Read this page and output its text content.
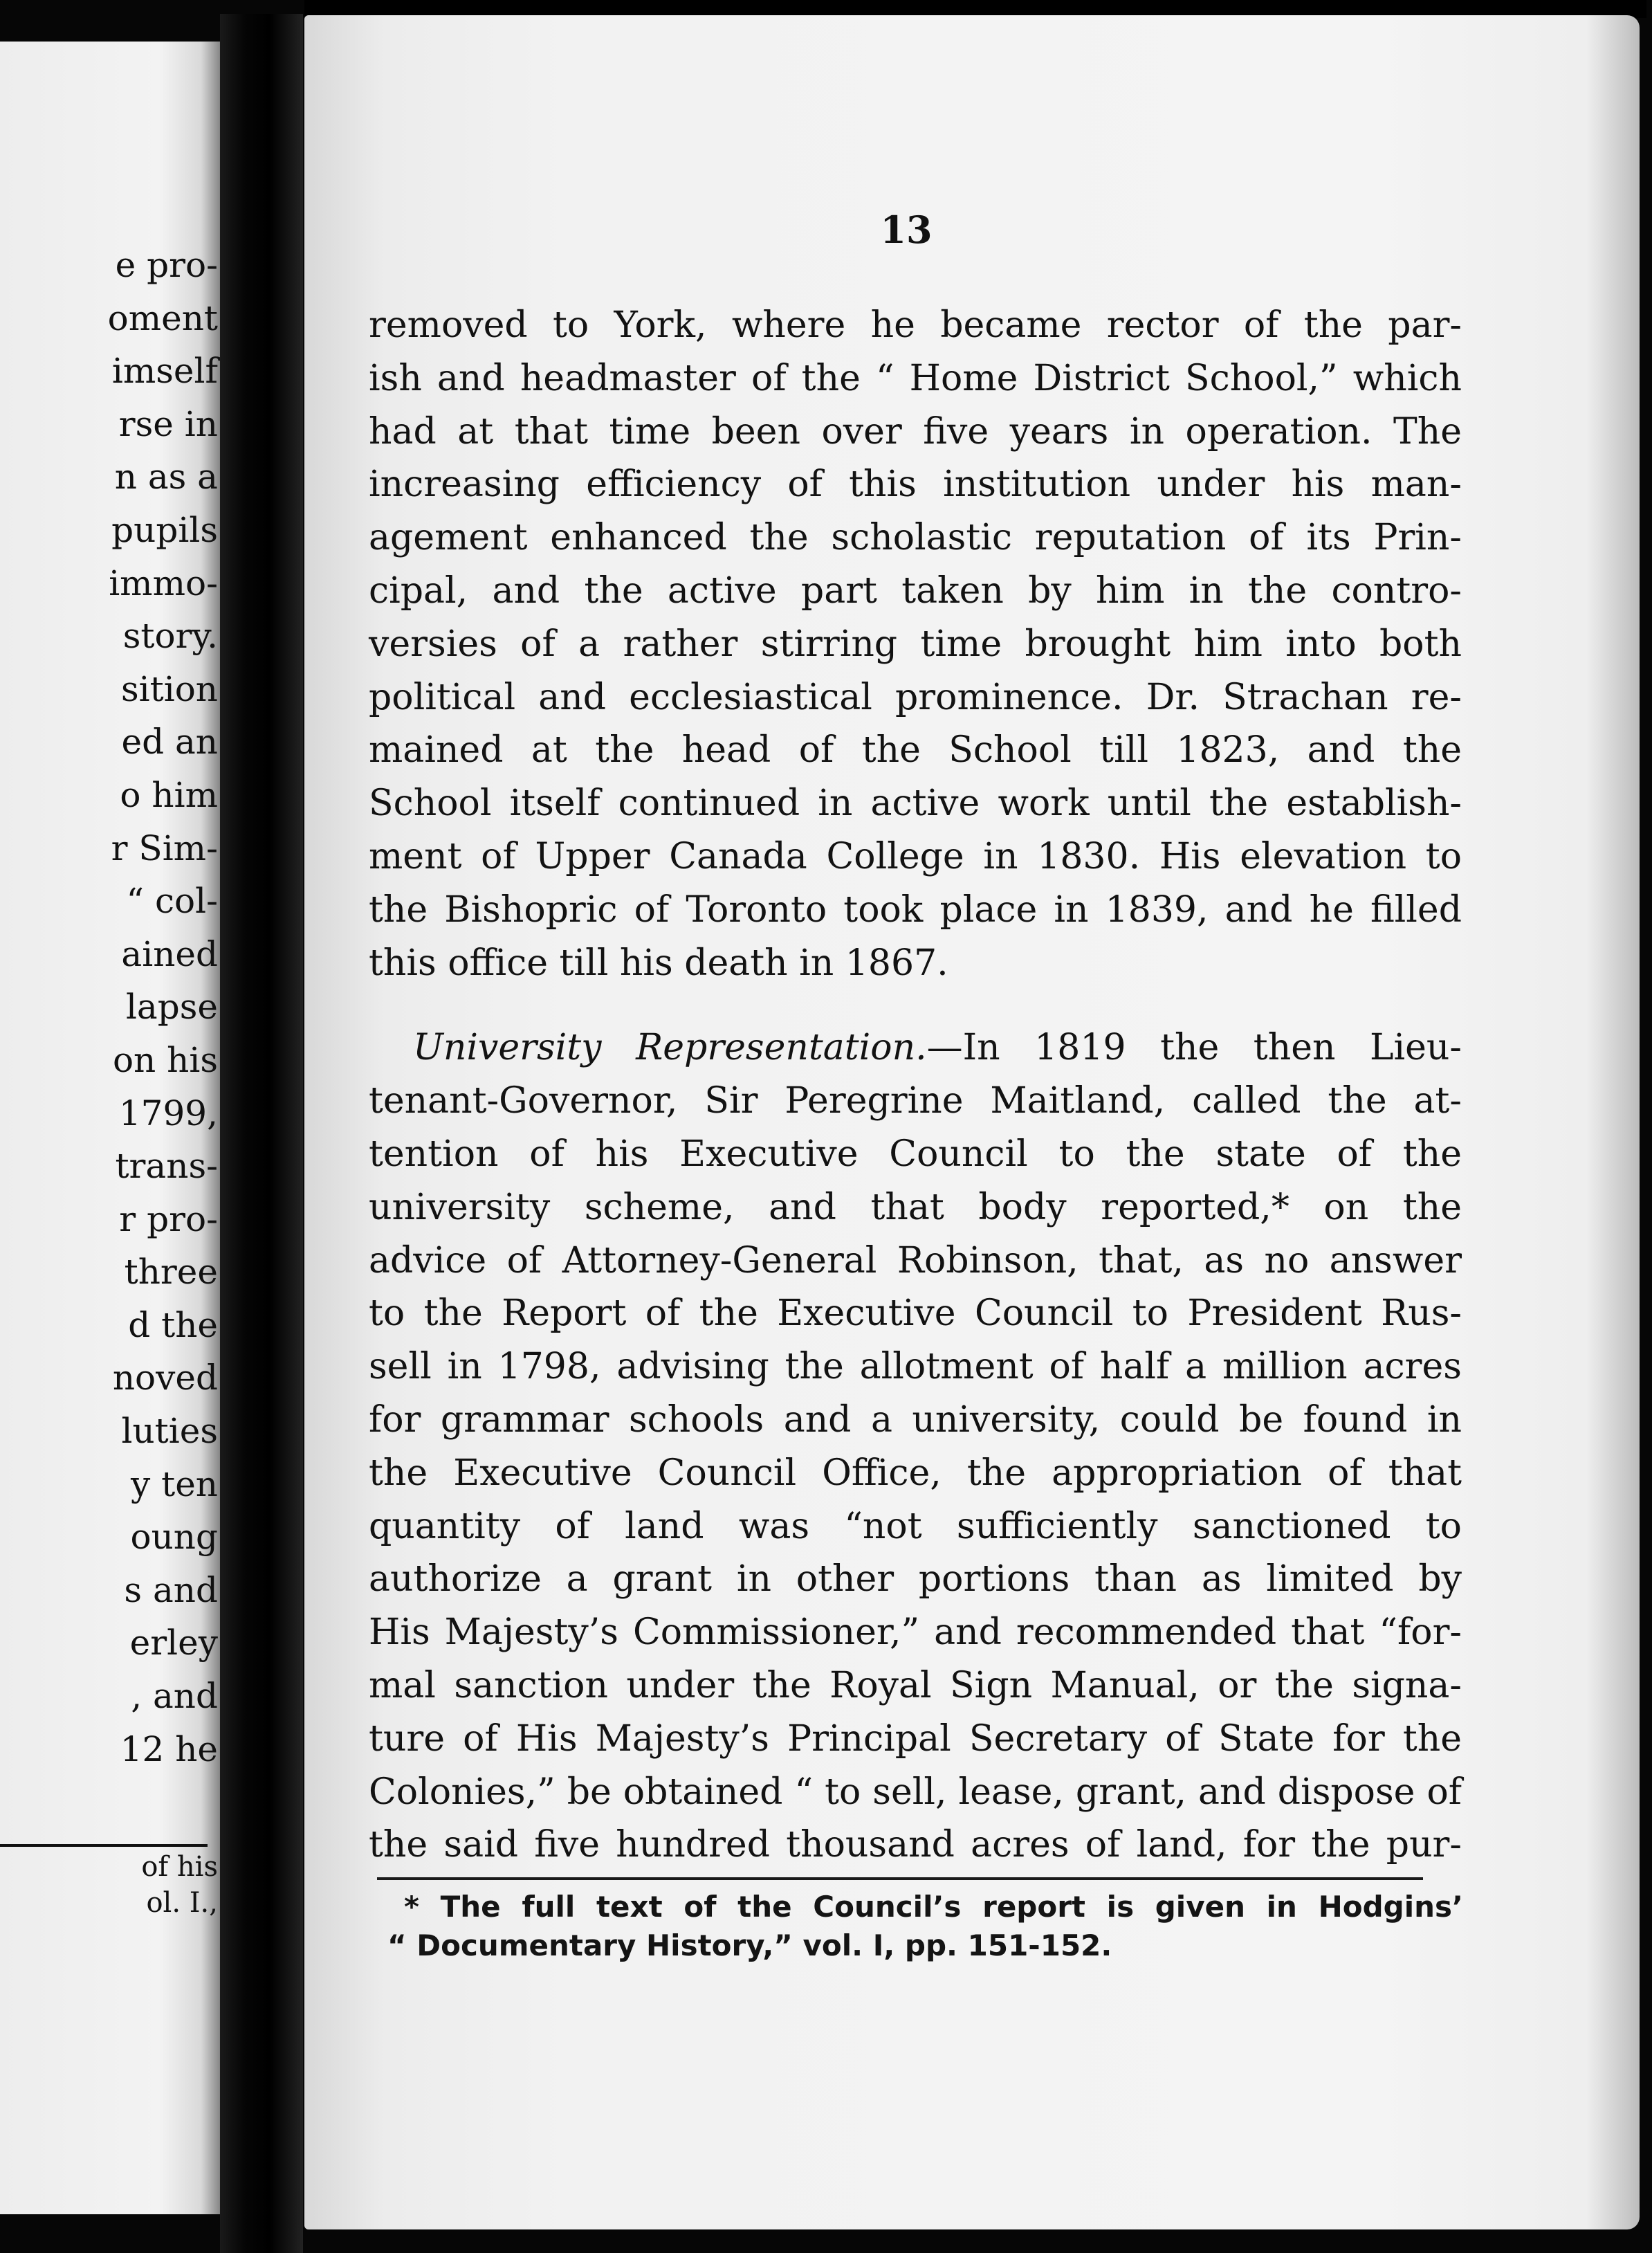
e pro-
oment
imself
rse in
n as a
pupils
immo-
story.
sition
ed an
o him
r Sim-
“ col-
ained
lapse
on his
1799,
trans-
r pro-
three
d the
noved
luties
y ten
oung
s and
erley
, and
12 he
of his
ol. I.,
13
removed to York, where he became rector of the par-
ish and headmaster of the “ Home District School,” which
had at that time been over five years in operation. The
increasing efficiency of this institution under his man-
agement enhanced the scholastic reputation of its Prin-
cipal, and the active part taken by him in the contro-
versies of a rather stirring time brought him into both
political and ecclesiastical prominence. Dr. Strachan re-
mained at the head of the School till 1823, and the
School itself continued in active work until the establish-
ment of Upper Canada College in 1830. His elevation to
the Bishopric of Toronto took place in 1839, and he filled
this office till his death in 1867.
University Representation.—In 1819 the then Lieu-
tenant-Governor, Sir Peregrine Maitland, called the at-
tention of his Executive Council to the state of the
university scheme, and that body reported,* on the
advice of Attorney-General Robinson, that, as no answer
to the Report of the Executive Council to President Rus-
sell in 1798, advising the allotment of half a million acres
for grammar schools and a university, could be found in
the Executive Council Office, the appropriation of that
quantity of land was “not sufficiently sanctioned to
authorize a grant in other portions than as limited by
His Majesty’s Commissioner,” and recommended that “for-
mal sanction under the Royal Sign Manual, or the signa-
ture of His Majesty’s Principal Secretary of State for the
Colonies,” be obtained “ to sell, lease, grant, and dispose of
the said five hundred thousand acres of land, for the pur-
* The full text of the Council’s report is given in Hodgins’
“ Documentary History,” vol. I, pp. 151-152.
